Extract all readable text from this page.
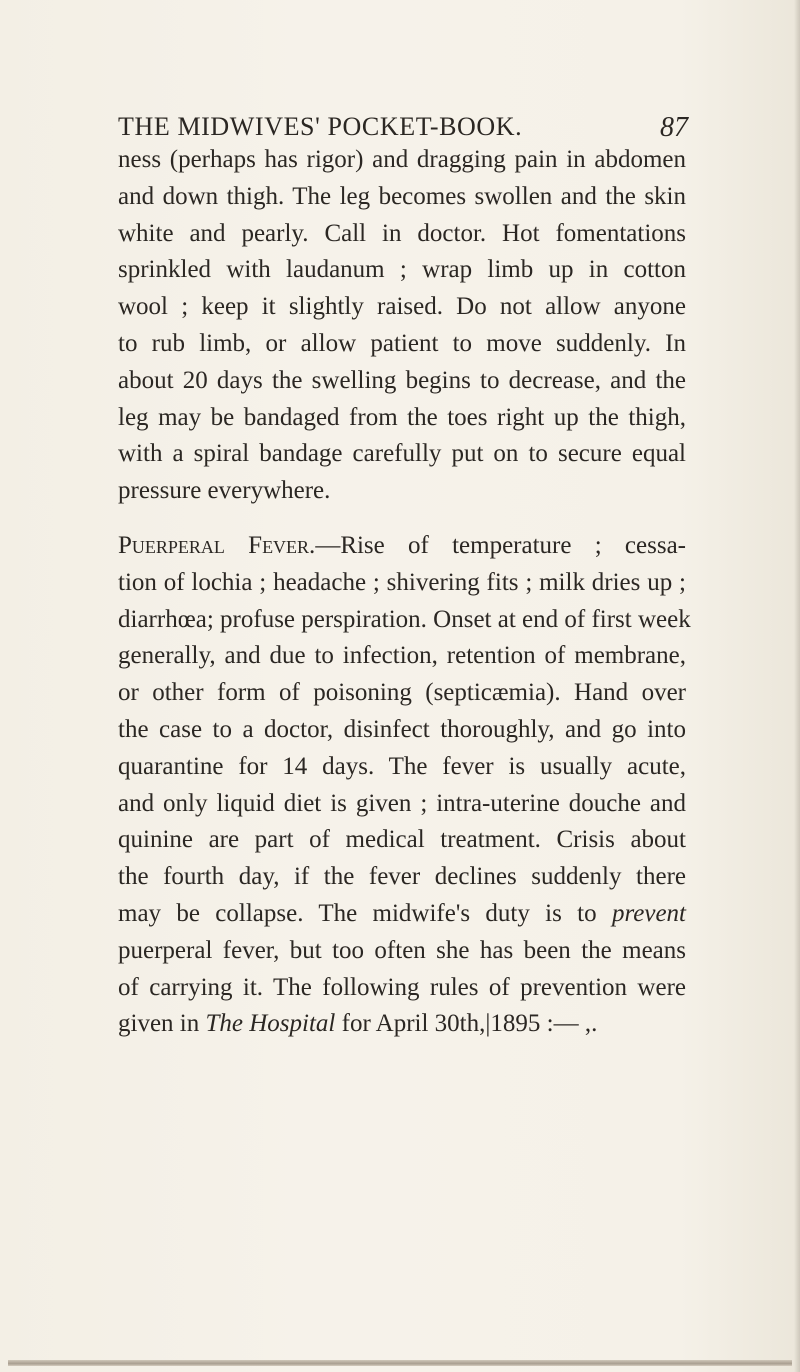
THE MIDWIVES' POCKET-BOOK.	87
ness (perhaps has rigor) and dragging pain in abdomen
and down thigh. The leg becomes swollen and the skin
white and pearly. Call in doctor. Hot fomentations
sprinkled with laudanum ; wrap limb up in cotton
wool ; keep it slightly raised. Do not allow anyone
to rub limb, or allow patient to move suddenly. In
about 20 days the swelling begins to decrease, and the
leg may be bandaged from the toes right up the thigh,
with a spiral bandage carefully put on to secure equal
pressure everywhere.
Puerperal Fever.—Rise of temperature ; cessa-
tion of lochia ; headache ; shivering fits ; milk dries up ;
diarrhœa; profuse perspiration. Onset at end of first week
generally, and due to infection, retention of membrane,
or other form of poisoning (septicæmia). Hand over
the case to a doctor, disinfect thoroughly, and go into
quarantine for 14 days. The fever is usually acute,
and only liquid diet is given ; intra-uterine douche and
quinine are part of medical treatment. Crisis about
the fourth day, if the fever declines suddenly there
may be collapse. The midwife's duty is to prevent
puerperal fever, but too often she has been the means
of carrying it. The following rules of prevention were
given in The Hospital for April 30th,|1895 :— ,.
